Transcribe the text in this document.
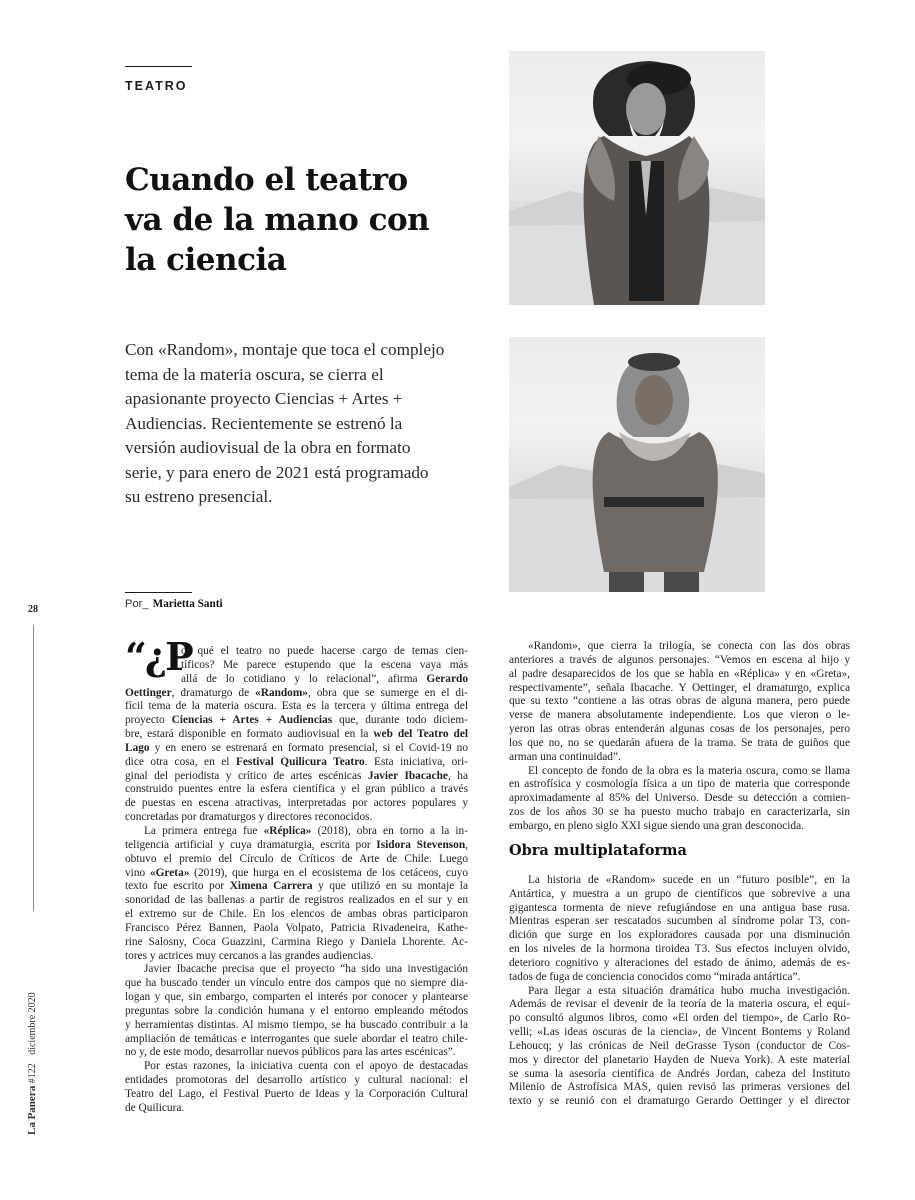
TEATRO
Cuando el teatro
va de la mano con
la ciencia
Con «Random», montaje que toca el complejo
tema de la materia oscura, se cierra el
apasionante proyecto Ciencias + Artes +
Audiencias. Recientemente se estrenó la
versión audiovisual de la obra en formato
serie, y para enero de 2021 está programado
su estreno presencial.
Por_ Marietta Santi
28
La Panera #122 diciembre 2020
“¿P
or qué el teatro no puede hacerse cargo de temas cien-
tíficos? Me parece estupendo que la escena vaya más
allá de lo cotidiano y lo relacional”, afirma Gerardo
Oettinger, dramaturgo de «Random», obra que se sumerge en el di-
fícil tema de la materia oscura. Esta es la tercera y última entrega del
proyecto Ciencias + Artes + Audiencias que, durante todo diciem-
bre, estará disponible en formato audiovisual en la web del Teatro del
Lago y en enero se estrenará en formato presencial, si el Covid-19 no
dice otra cosa, en el Festival Quilicura Teatro. Esta iniciativa, ori-
ginal del periodista y crítico de artes escénicas Javier Ibacache, ha
construido puentes entre la esfera científica y el gran público a través
de puestas en escena atractivas, interpretadas por actores populares y
concretadas por dramaturgos y directores reconocidos.
La primera entrega fue «Réplica» (2018), obra en torno a la in-
teligencia artificial y cuya dramaturgia, escrita por Isidora Stevenson,
obtuvo el premio del Círculo de Críticos de Arte de Chile. Luego
vino «Greta» (2019), que hurga en el ecosistema de los cetáceos, cuyo
texto fue escrito por Ximena Carrera y que utilizó en su montaje la
sonoridad de las ballenas a partir de registros realizados en el sur y en
el extremo sur de Chile. En los elencos de ambas obras participaron
Francisco Pérez Bannen, Paola Volpato, Patricia Rivadeneira, Kathe-
rine Salosny, Coca Guazzini, Carmina Riego y Daniela Lhorente. Ac-
tores y actrices muy cercanos a las grandes audiencias.
Javier Ibacache precisa que el proyecto “ha sido una investigación
que ha buscado tender un vínculo entre dos campos que no siempre dia-
logan y que, sin embargo, comparten el interés por conocer y plantearse
preguntas sobre la condición humana y el entorno empleando métodos
y herramientas distintas. Al mismo tiempo, se ha buscado contribuir a la
ampliación de temáticas e interrogantes que suele abordar el teatro chile-
no y, de este modo, desarrollar nuevos públicos para las artes escénicas”.
Por estas razones, la iniciativa cuenta con el apoyo de destacadas
entidades promotoras del desarrollo artístico y cultural nacional: el
Teatro del Lago, el Festival Puerto de Ideas y la Corporación Cultural
de Quilicura.
«Random», que cierra la trilogía, se conecta con las dos obras
anteriores a través de algunos personajes. “Vemos en escena al hijo y
al padre desaparecidos de los que se habla en «Réplica» y en «Greta»,
respectivamente”, señala Ibacache. Y Oettinger, el dramaturgo, explica
que su texto “contiene a las otras obras de alguna manera, pero puede
verse de manera absolutamente independiente. Los que vieron o le-
yeron las otras obras entenderán algunas cosas de los personajes, pero
los que no, no se quedarán afuera de la trama. Se trata de guiños que
arman una continuidad”.
El concepto de fondo de la obra es la materia oscura, como se llama
en astrofísica y cosmología física a un tipo de materia que corresponde
aproximadamente al 85% del Universo. Desde su detección a comien-
zos de los años 30 se ha puesto mucho trabajo en caracterizarla, sin
embargo, en pleno siglo XXI sigue siendo una gran desconocida.
Obra multiplataforma
La historia de «Random» sucede en un “futuro posible”, en la
Antártica, y muestra a un grupo de científicos que sobrevive a una
gigantesca tormenta de nieve refugiándose en una antigua base rusa.
Mientras esperan ser rescatados sucumben al síndrome polar T3, con-
dición que surge en los exploradores causada por una disminución
en los niveles de la hormona tiroidea T3. Sus efectos incluyen olvido,
deterioro cognitivo y alteraciones del estado de ánimo, además de es-
tados de fuga de conciencia conocidos como “mirada antártica”.
Para llegar a esta situación dramática hubo mucha investigación.
Además de revisar el devenir de la teoría de la materia oscura, el equi-
po consultó algunos libros, como «El orden del tiempo», de Carlo Ro-
velli; «Las ideas oscuras de la ciencia», de Vincent Bontems y Roland
Lehoucq; y las crónicas de Neil deGrasse Tyson (conductor de Cos-
mos y director del planetario Hayden de Nueva York). A este material
se suma la asesoría científica de Andrés Jordan, cabeza del Instituto
Milenio de Astrofísica MAS, quien revisó las primeras versiones del
texto y se reunió con el dramaturgo Gerardo Oettinger y el director
